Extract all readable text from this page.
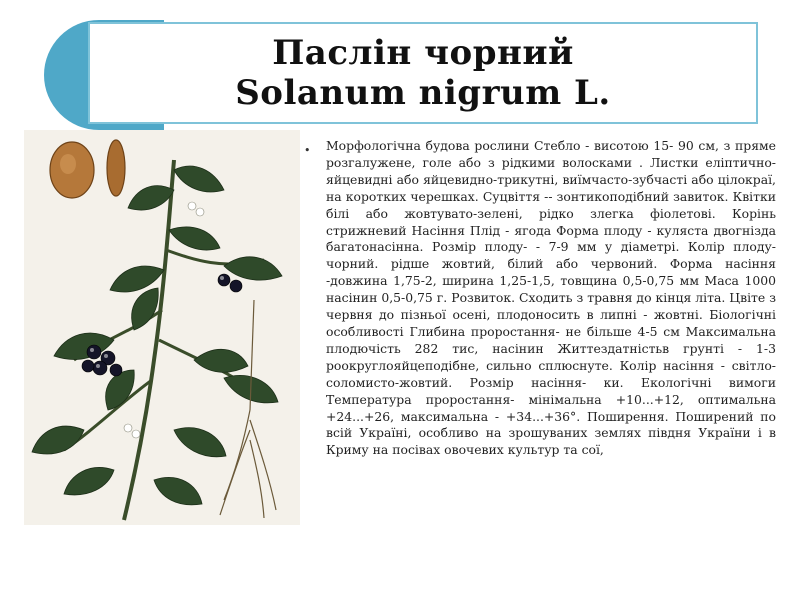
Паслін чорний
Solanum nigrum L.
• Морфологічна будова рослини Стебло - висотою 15- 90 см, з пряме розгалужене, голе або з рідкими волосками . Листки еліптично-яйцевидні або яйцевидно-трикутні, виїмчасто-зубчасті або цілокраї, на коротких черешках. Суцвіття -- зонтикоподібний завиток. Квітки білі або жовтувато-зелені, рідко злегка фіолетові. Корінь стрижневий Насіння Плід - ягода Форма плоду - куляста двогніздa багатонасінна. Розмір плоду- - 7-9 мм у діаметрі. Колір плоду- чорний. рідше жовтий, білий або червоний. Форма насіння -довжина 1,75-2, ширина 1,25-1,5, товщина 0,5-0,75 мм Маса 1000 насінин 0,5-0,75 г. Розвиток. Сходить з травня до кінця літа. Цвіте з червня до пізньої осені, плодоносить в липні - жовтні. Біологічні особливості Глибина проростання- не більше 4-5 см Максимальна плодючість 282 тис, насінин Життездатністьв грунті - 1-3 роокруглояйцеподібне, сильно сплюснуте. Колір насіння - світло-соломисто-жовтий. Розмір насіння- ки. Екологічні вимоги Температура проростання- мінімальна +10...+12, оптимальна +24...+26, максимальна - +34...+36°. Поширення. Поширений по всій Україні, особливо на зрошуваних землях півдня України і в Криму на посівах овочевих культур та сої,
